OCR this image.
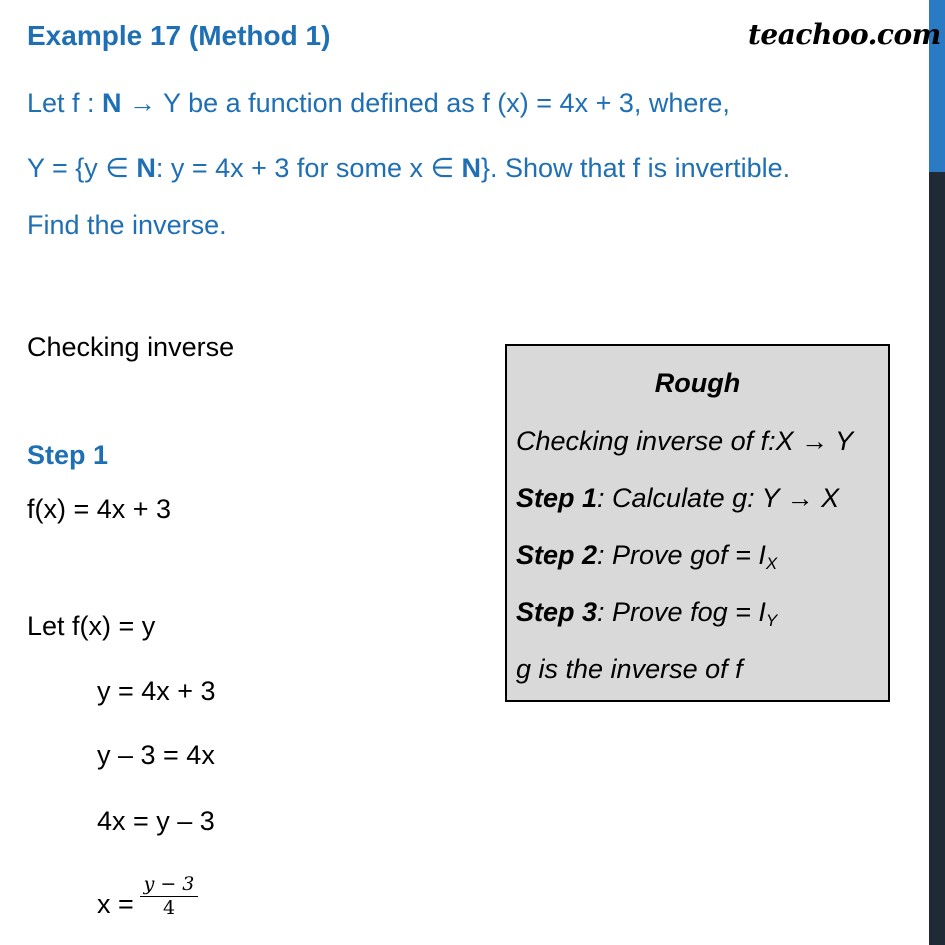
Example 17 (Method 1)	teachoo.com
Let f : N → Y be a function defined as f (x) = 4x + 3, where,
Y = {y ∈ N: y = 4x + 3 for some x ∈ N}. Show that f is invertible.
Find the inverse.
Checking inverse
Step 1
f(x) = 4x + 3
Let f(x) = y
y = 4x + 3
y – 3 = 4x
4x = y – 3
x =
y − 3
4
Rough
Checking inverse of f:X → Y
Step 1: Calculate g: Y → X
Step 2: Prove gof = $I_X$
Step 3: Prove fog = $I_Y$
g is the inverse of f
